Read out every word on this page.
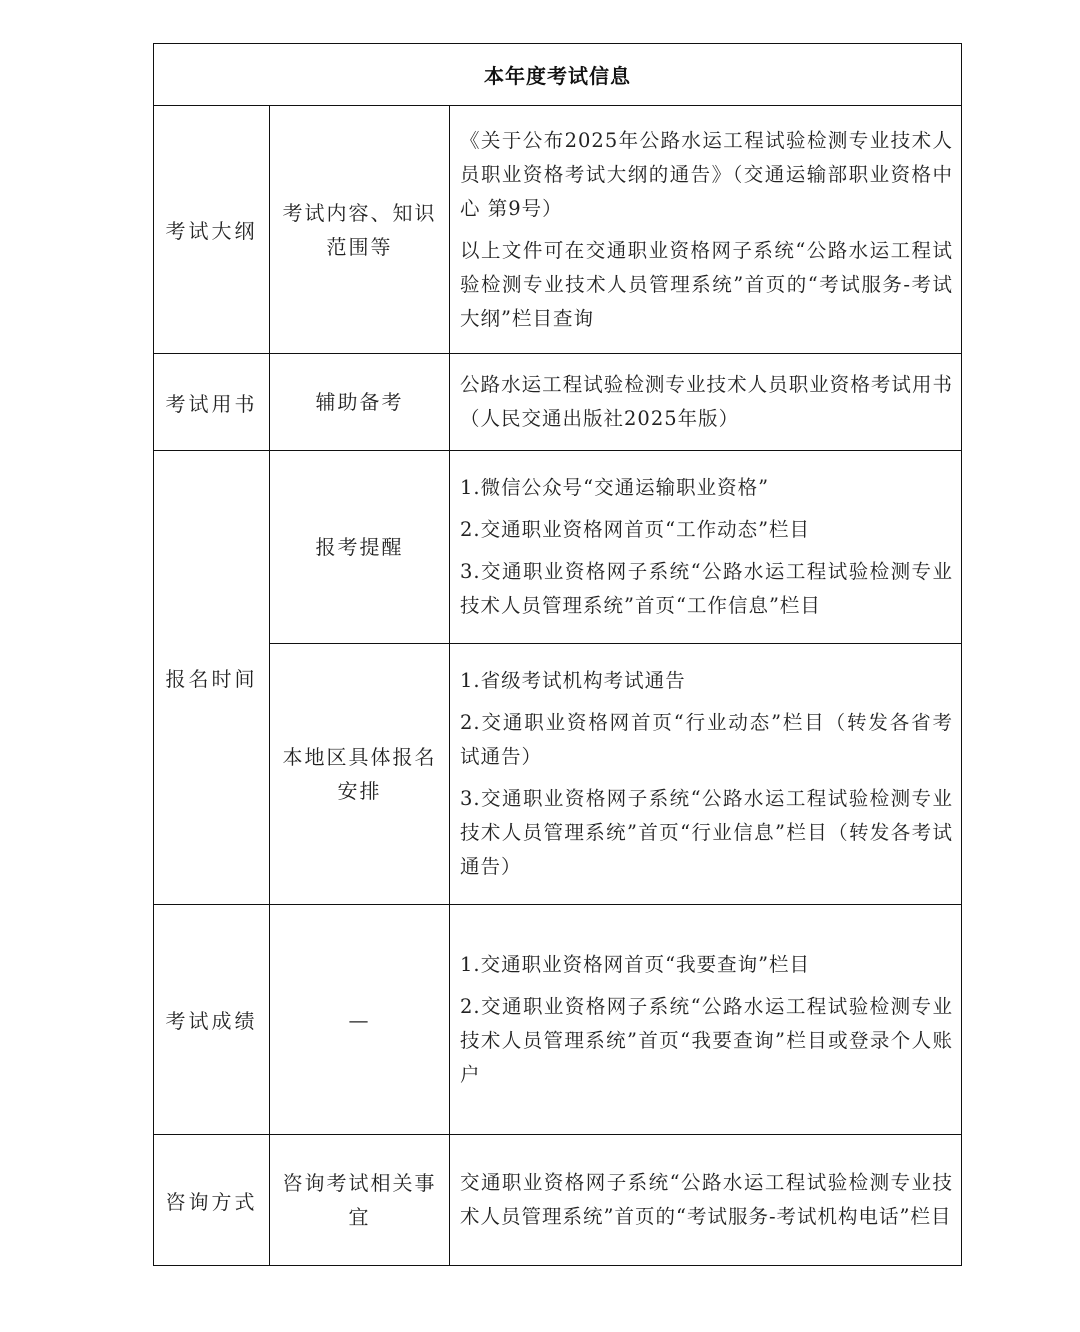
本年度考试信息		
考试大纲	考试内容、知识范围等	《关于公布2025年公路水运工程试验检测专业技术人员职业资格考试大纲的通告》（交通运输部职业资格中心 第9号）

以上文件可在交通职业资格网子系统“公路水运工程试验检测专业技术人员管理系统”首页的“考试服务-考试大纲”栏目查询

考试用书	辅助备考	公路水运工程试验检测专业技术人员职业资格考试用书（人民交通出版社2025年版）

报名时间	报考提醒	1.微信公众号“交通运输职业资格”

2.交通职业资格网首页“工作动态”栏目

3.交通职业资格网子系统“公路水运工程试验检测专业技术人员管理系统”首页“工作信息”栏目

	本地区具体报名安排	1.省级考试机构考试通告

2.交通职业资格网首页“行业动态”栏目（转发各省考试通告）

3.交通职业资格网子系统“公路水运工程试验检测专业技术人员管理系统”首页“行业信息”栏目（转发各考试通告）

考试成绩	—	1.交通职业资格网首页“我要查询”栏目

2.交通职业资格网子系统“公路水运工程试验检测专业技术人员管理系统”首页“我要查询”栏目或登录个人账户

咨询方式	咨询考试相关事宜	交通职业资格网子系统“公路水运工程试验检测专业技术人员管理系统”首页的“考试服务-考试机构电话”栏目
